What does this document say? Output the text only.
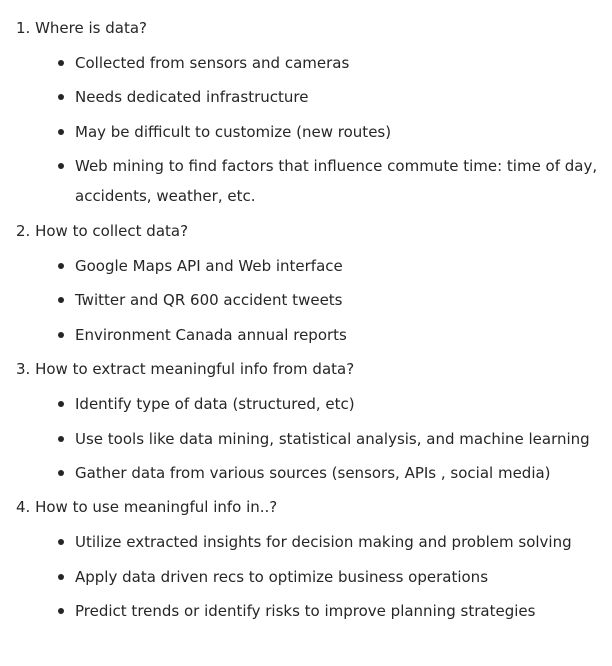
1. Where is data?
Collected from sensors and cameras
Needs dedicated infrastructure
May be difficult to customize (new routes)
Web mining to find factors that influence commute time: time of day, accidents, weather, etc.
2. How to collect data?
Google Maps API and Web interface
Twitter and QR 600 accident tweets
Environment Canada annual reports
3. How to extract meaningful info from data?
Identify type of data (structured, etc)
Use tools like data mining, statistical analysis, and machine learning
Gather data from various sources (sensors, APIs , social media)
4. How to use meaningful info in..?
Utilize extracted insights for decision making and problem solving
Apply data driven recs to optimize business operations
Predict trends or identify risks to improve planning strategies
